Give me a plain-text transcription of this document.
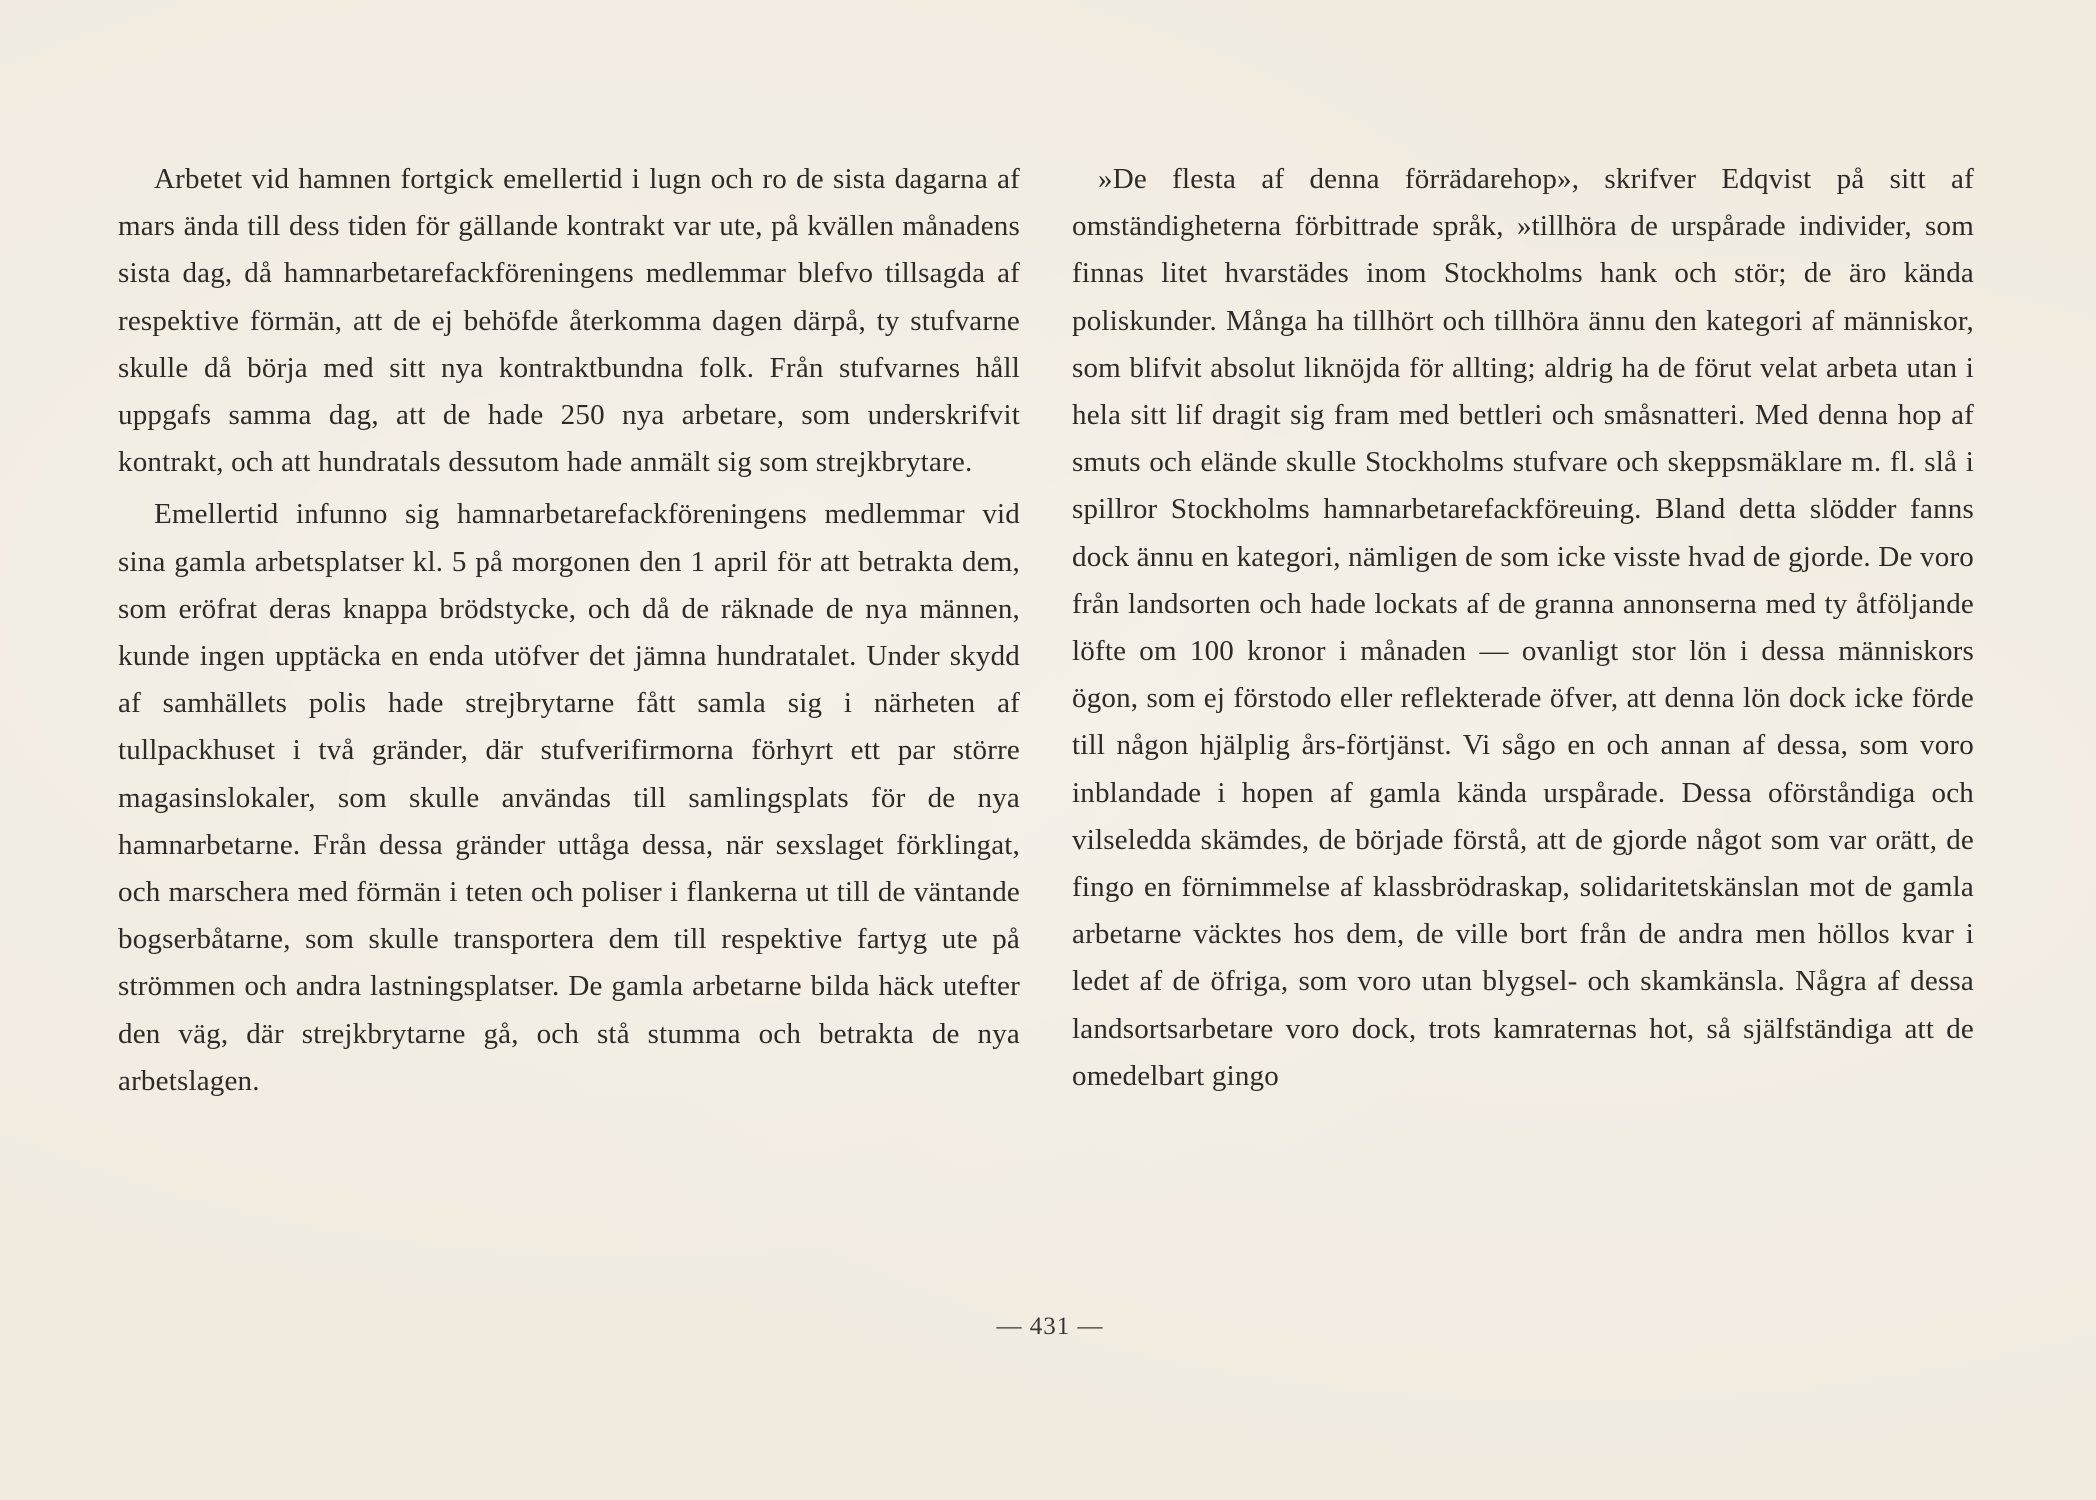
Arbetet vid hamnen fortgick emellertid i lugn och ro de sista dagarna af mars ända till dess tiden för gällande kontrakt var ute, på kvällen månadens sista dag, då hamnarbetarefackföreningens medlemmar blefvo tillsagda af respektive förmän, att de ej behöfde återkomma dagen därpå, ty stufvarne skulle då börja med sitt nya kontraktbundna folk. Från stufvarnes håll uppgafs samma dag, att de hade 250 nya arbetare, som underskrifvit kontrakt, och att hundratals dessutom hade anmält sig som strejkbrytare.

Emellertid infunno sig hamnarbetarefackföreningens medlemmar vid sina gamla arbetsplatser kl. 5 på morgonen den 1 april för att betrakta dem, som eröfrat deras knappa brödstycke, och då de räknade de nya männen, kunde ingen upptäcka en enda utöfver det jämna hundratalet. Under skydd af samhällets polis hade strejbrytarne fått samla sig i närheten af tullpackhuset i två gränder, där stufverifirmorna förhyrt ett par större magasinslokaler, som skulle användas till samlingsplats för de nya hamnarbetarne. Från dessa gränder uttåga dessa, när sexslaget förklingat, och marschera med förmän i teten och poliser i flankerna ut till de väntande bogserbåtarne, som skulle transportera dem till respektive fartyg ute på strömmen och andra lastningsplatser. De gamla arbetarne bilda häck utefter den väg, där strejkbrytarne gå, och stå stumma och betrakta de nya arbetslagen.

»De flesta af denna förrädarehop», skrifver Edqvist på sitt af omständigheterna förbittrade språk, »tillhöra de urspårade individer, som finnas litet hvarstädes inom Stockholms hank och stör; de äro kända poliskunder. Många ha tillhört och tillhöra ännu den kategori af människor, som blifvit absolut liknöjda för allting; aldrig ha de förut velat arbeta utan i hela sitt lif dragit sig fram med bettleri och småsnatteri. Med denna hop af smuts och elände skulle Stockholms stufvare och skeppsmäklare m. fl. slå i spillror Stockholms hamnarbetarefackföreuing. Bland detta slödder fanns dock ännu en kategori, nämligen de som icke visste hvad de gjorde. De voro från landsorten och hade lockats af de granna annonserna med ty åtföljande löfte om 100 kronor i månaden — ovanligt stor lön i dessa människors ögon, som ej förstodo eller reflekterade öfver, att denna lön dock icke förde till någon hjälplig års-förtjänst. Vi sågo en och annan af dessa, som voro inblandade i hopen af gamla kända urspårade. Dessa oförståndiga och vilseledda skämdes, de började förstå, att de gjorde något som var orätt, de fingo en förnimmelse af klassbrödraskap, solidaritetskänslan mot de gamla arbetarne väcktes hos dem, de ville bort från de andra men höllos kvar i ledet af de öfriga, som voro utan blygsel- och skamkänsla. Några af dessa landsortsarbetare voro dock, trots kamraternas hot, så själfständiga att de omedelbart gingo

— 431 —
